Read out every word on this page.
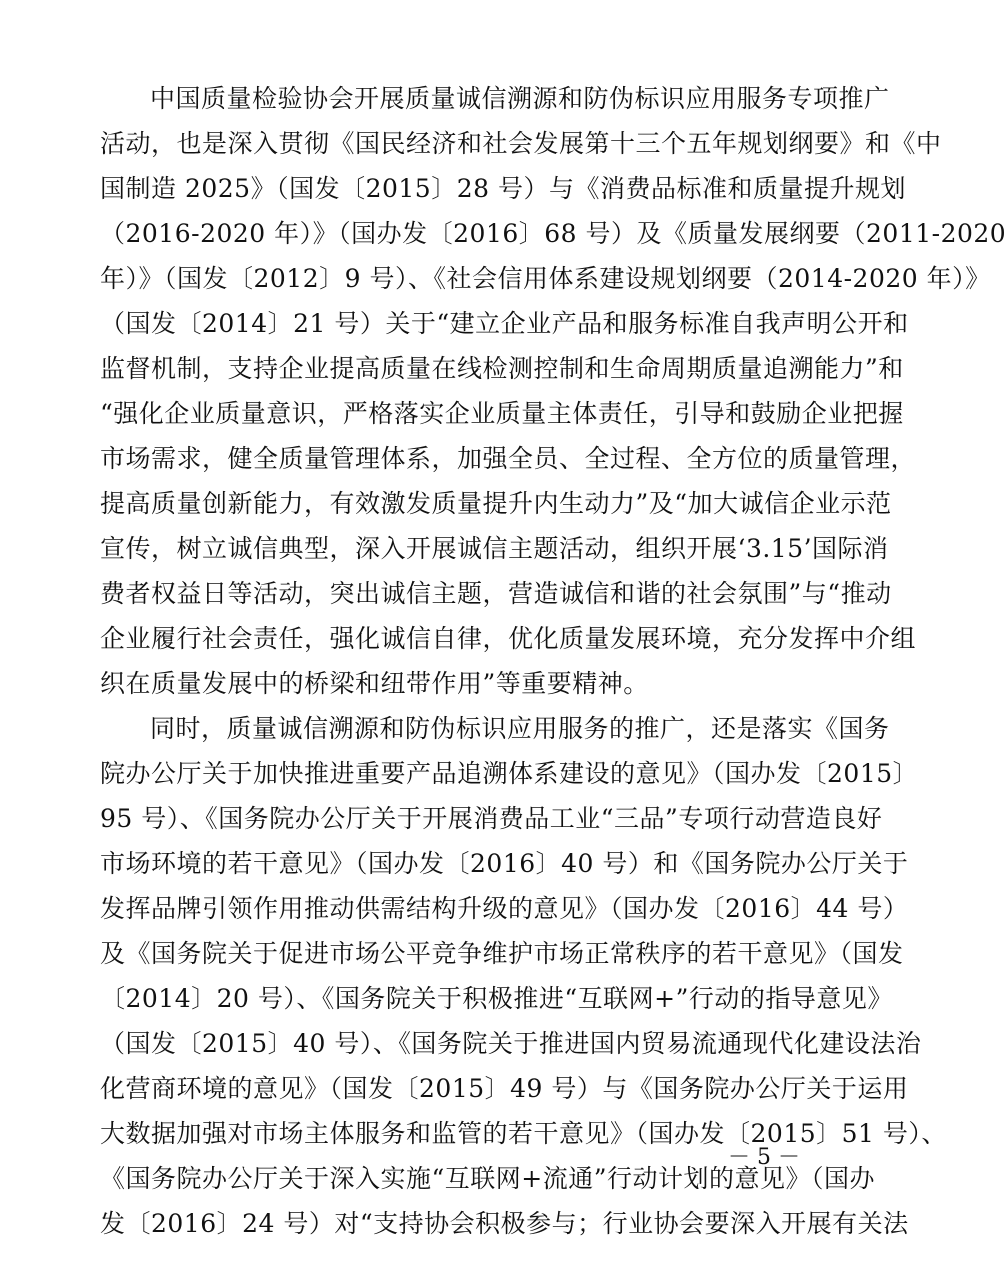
中国质量检验协会开展质量诚信溯源和防伪标识应用服务专项推广
活动，也是深入贯彻《国民经济和社会发展第十三个五年规划纲要》和《中
国制造 2025》（国发〔2015〕28 号）与《消费品标准和质量提升规划
（2016-2020 年）》（国办发〔2016〕68 号）及《质量发展纲要（2011-2020
年）》（国发〔2012〕9 号）、《社会信用体系建设规划纲要（2014-2020 年）》
（国发〔2014〕21 号）关于“建立企业产品和服务标准自我声明公开和
监督机制，支持企业提高质量在线检测控制和生命周期质量追溯能力”和
“强化企业质量意识，严格落实企业质量主体责任，引导和鼓励企业把握
市场需求，健全质量管理体系，加强全员、全过程、全方位的质量管理，
提高质量创新能力，有效激发质量提升内生动力”及“加大诚信企业示范
宣传，树立诚信典型，深入开展诚信主题活动，组织开展‘3.15’国际消
费者权益日等活动，突出诚信主题，营造诚信和谐的社会氛围”与“推动
企业履行社会责任，强化诚信自律，优化质量发展环境，充分发挥中介组
织在质量发展中的桥梁和纽带作用”等重要精神。
同时，质量诚信溯源和防伪标识应用服务的推广，还是落实《国务
院办公厅关于加快推进重要产品追溯体系建设的意见》（国办发〔2015〕
95 号）、《国务院办公厅关于开展消费品工业“三品”专项行动营造良好
市场环境的若干意见》（国办发〔2016〕40 号）和《国务院办公厅关于
发挥品牌引领作用推动供需结构升级的意见》（国办发〔2016〕44 号）
及《国务院关于促进市场公平竞争维护市场正常秩序的若干意见》（国发
〔2014〕20 号）、《国务院关于积极推进“互联网+”行动的指导意见》
（国发〔2015〕40 号）、《国务院关于推进国内贸易流通现代化建设法治
化营商环境的意见》（国发〔2015〕49 号）与《国务院办公厅关于运用
大数据加强对市场主体服务和监管的若干意见》（国办发〔2015〕51 号）、
《国务院办公厅关于深入实施“互联网+流通”行动计划的意见》（国办
发〔2016〕24 号）对“支持协会积极参与；行业协会要深入开展有关法
－ 5 －
